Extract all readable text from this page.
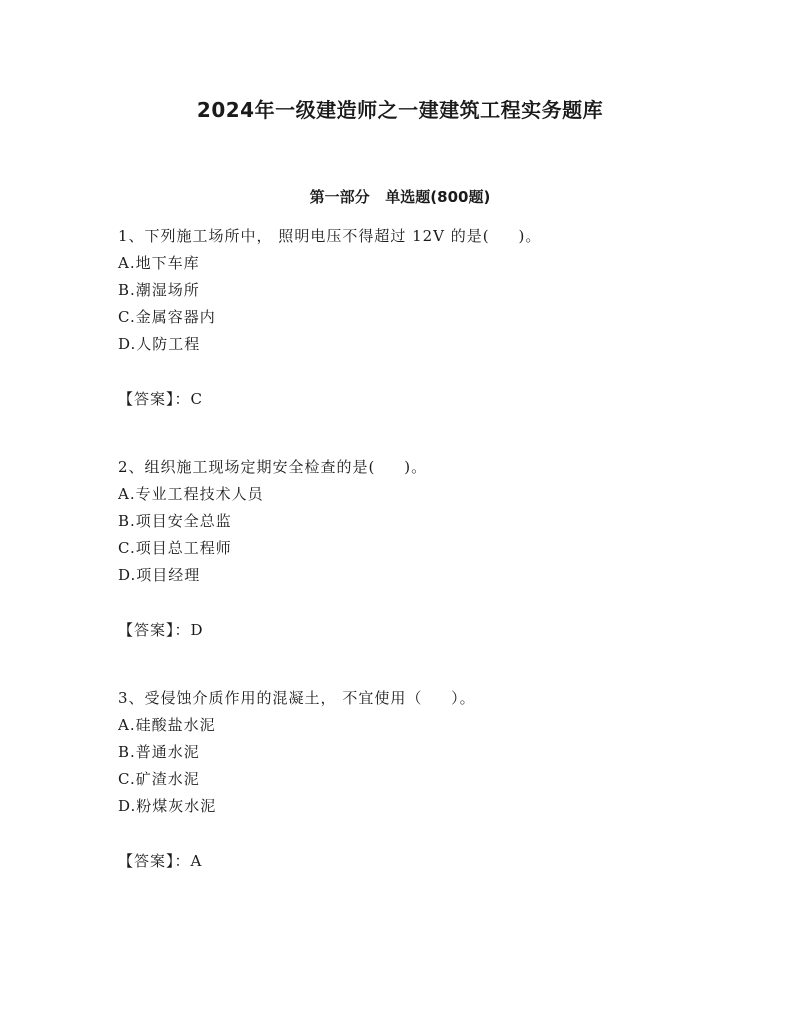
2024年一级建造师之一建建筑工程实务题库
第一部分   单选题(800题)
1、下列施工场所中， 照明电压不得超过 12V 的是(     )。
A.地下车库
B.潮湿场所
C.金属容器内
D.人防工程
【答案】：C
2、组织施工现场定期安全检查的是(     )。
A.专业工程技术人员
B.项目安全总监
C.项目总工程师
D.项目经理
【答案】：D
3、受侵蚀介质作用的混凝土， 不宜使用（     ）。
A.硅酸盐水泥
B.普通水泥
C.矿渣水泥
D.粉煤灰水泥
【答案】：A
